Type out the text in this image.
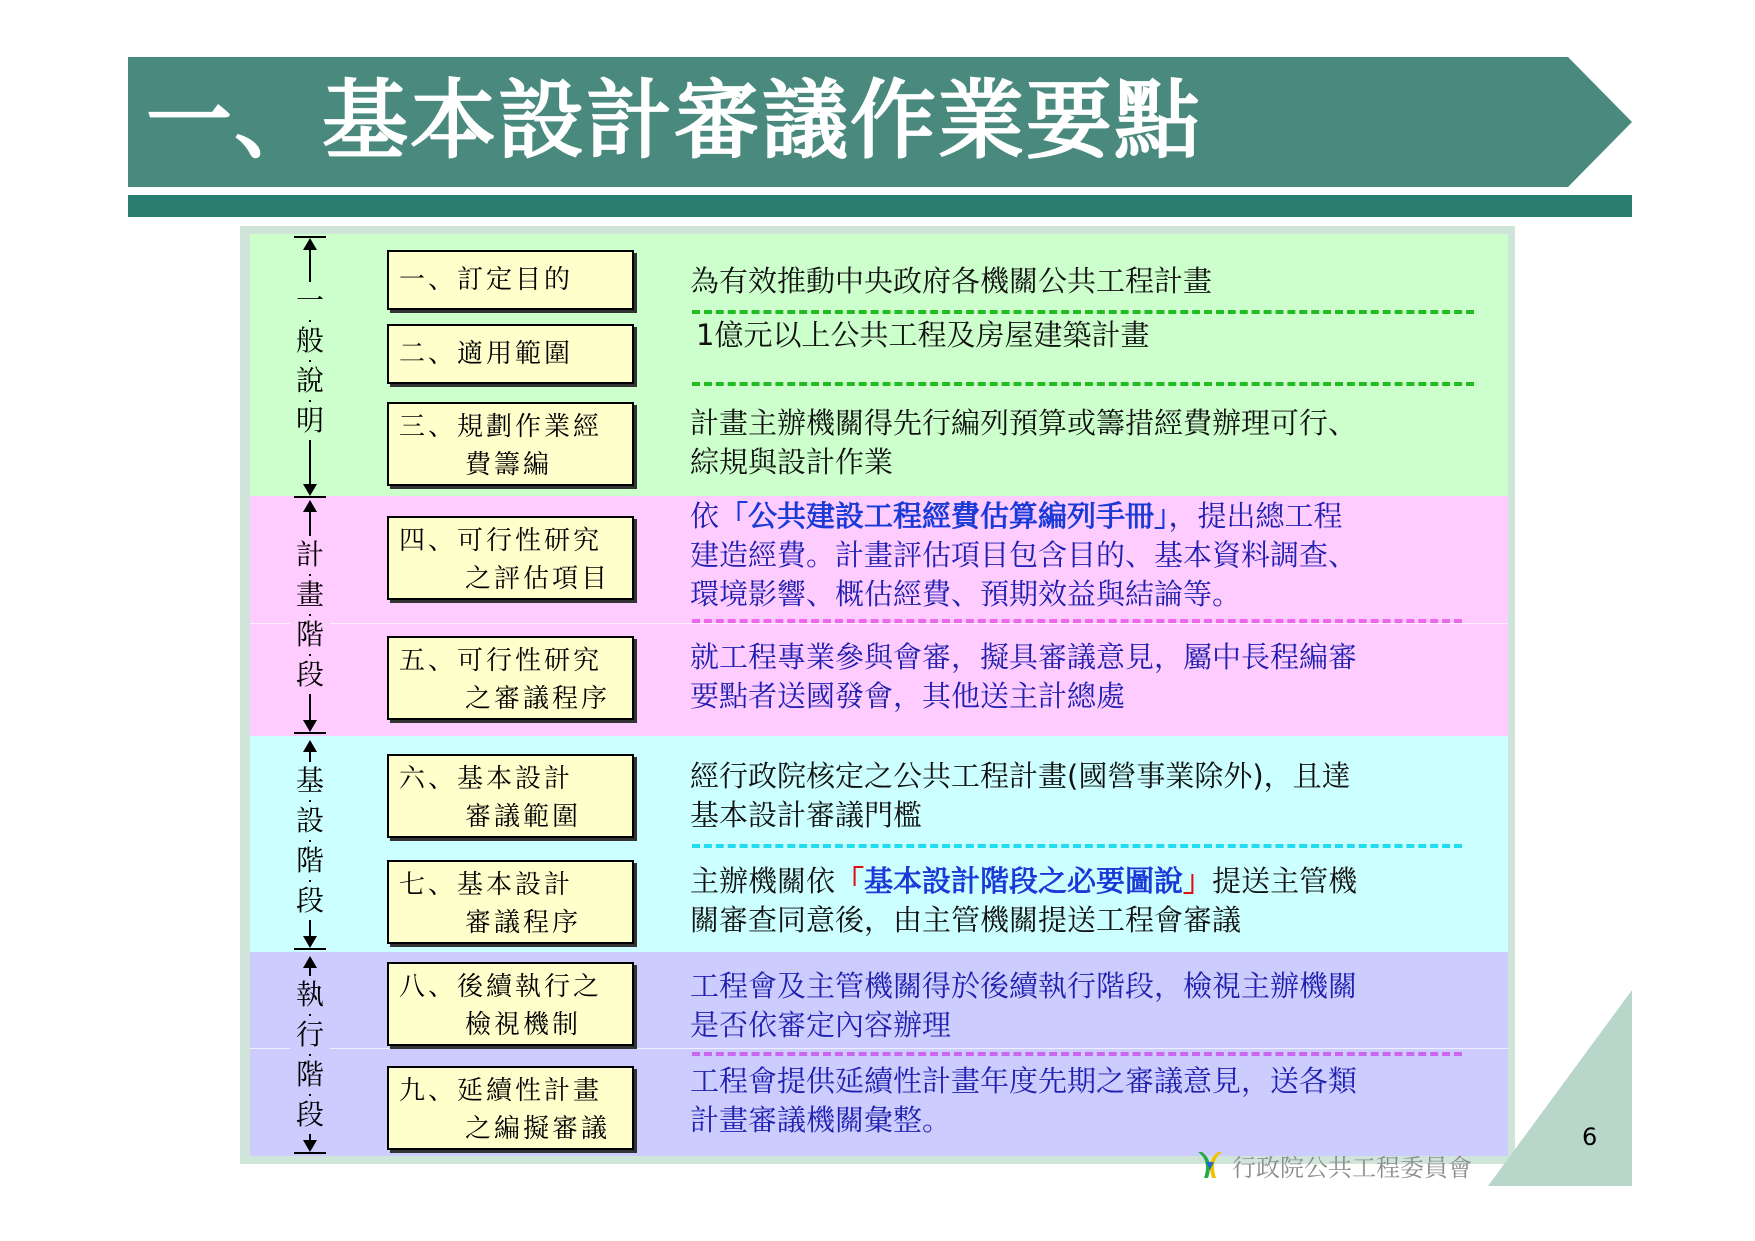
一、基本設計審議作業要點
一
般
說
明
計
畫
階
段
基
設
階
段
執
行
階
段
一、訂定目的
二、適用範圍
三、規劃作業經
費籌編
四、可行性研究
之評估項目
五、可行性研究
之審議程序
六、基本設計
審議範圍
七、基本設計
審議程序
八、後續執行之
檢視機制
九、延續性計畫
之編擬審議
為有效推動中央政府各機關公共工程計畫
1億元以上公共工程及房屋建築計畫
計畫主辦機關得先行編列預算或籌措經費辦理可行、
綜規與設計作業
依「公共建設工程經費估算編列手冊」，提出總工程
建造經費。計畫評估項目包含目的、基本資料調查、
環境影響、概估經費、預期效益與結論等。
就工程專業參與會審，擬具審議意見，屬中長程編審
要點者送國發會，其他送主計總處
經行政院核定之公共工程計畫(國營事業除外)，且達
基本設計審議門檻
主辦機關依「基本設計階段之必要圖說」提送主管機
關審查同意後，由主管機關提送工程會審議
工程會及主管機關得於後續執行階段，檢視主辦機關
是否依審定內容辦理
工程會提供延續性計畫年度先期之審議意見，送各類
計畫審議機關彙整。	6
行政院公共工程委員會
